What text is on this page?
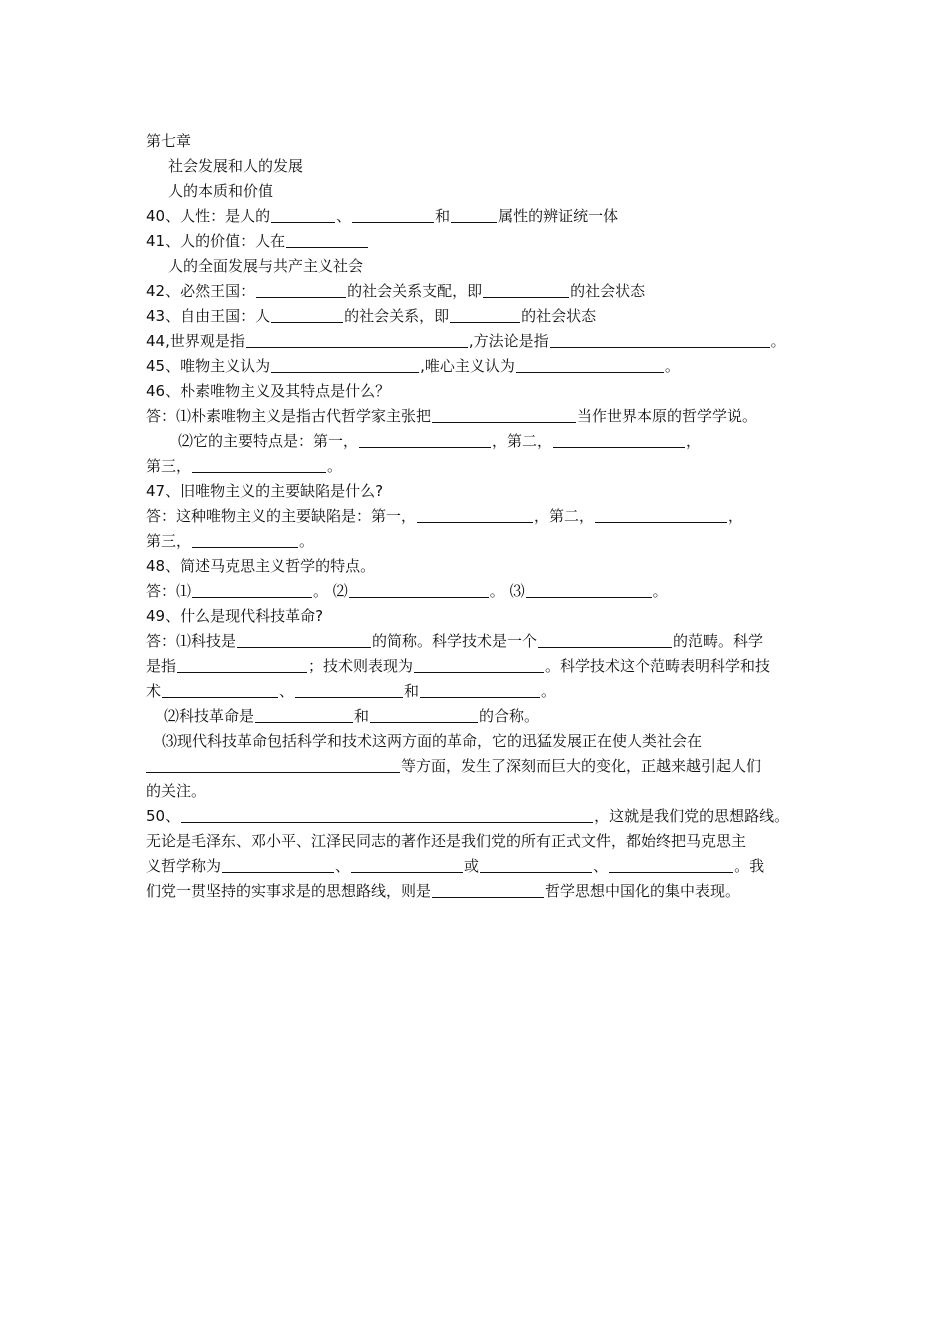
第七章
社会发展和人的发展
人的本质和价值
40、人性：是人的	、	和	属性的辨证统一体
41、人的价值：人在
人的全面发展与共产主义社会
42、必然王国：	的社会关系支配，即	的社会状态
43、自由王国：人	的社会关系，即	的社会状态
44,世界观是指	,方法论是指	。
45、唯物主义认为	,唯心主义认为	。
46、朴素唯物主义及其特点是什么？
答：⑴朴素唯物主义是指古代哲学家主张把	当作世界本原的哲学学说。
⑵它的主要特点是：第一，	，第二，	，
第三，	。
47、旧唯物主义的主要缺陷是什么?
答：这种唯物主义的主要缺陷是：第一，	，第二，	，
第三，	。
48、简述马克思主义哲学的特点。
答：⑴	。 ⑵	。 ⑶	。
49、什么是现代科技革命?
答：⑴科技是	的简称。科学技术是一个	的范畴。科学
是指	；技术则表现为	。科学技术这个范畴表明科学和技
术	、	和	。
⑵科技革命是	和	的合称。
⑶现代科技革命包括科学和技术这两方面的革命，它的迅猛发展正在使人类社会在
等方面，发生了深刻而巨大的变化，正越来越引起人们
的关注。
50、	，这就是我们党的思想路线。
无论是毛泽东、邓小平、江泽民同志的著作还是我们党的所有正式文件，都始终把马克思主
义哲学称为	、	或	、	。我
们党一贯坚持的实事求是的思想路线，则是	哲学思想中国化的集中表现。
